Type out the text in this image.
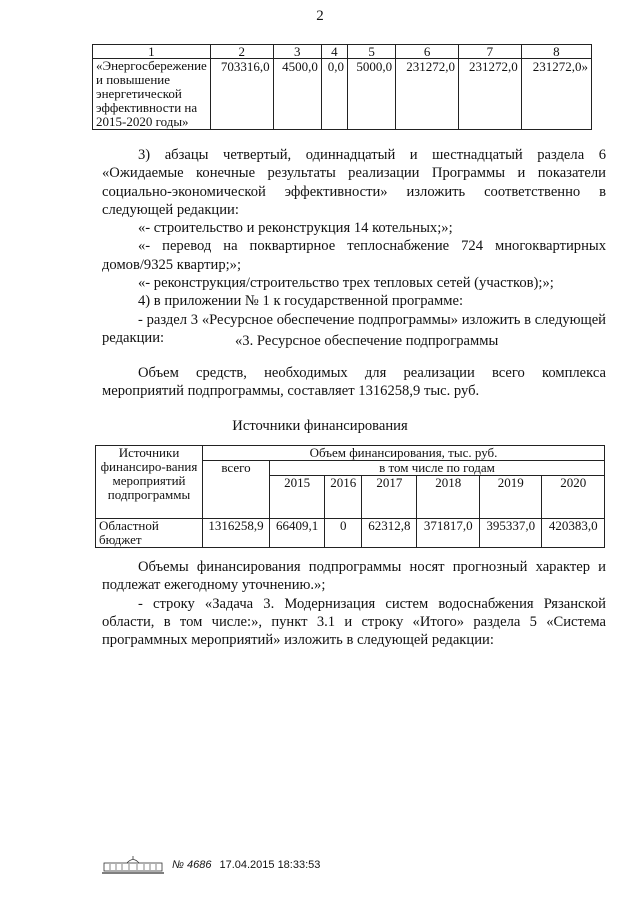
2
1	2	3	4	5	6	7	8
«Энергосбережение и повышение энергетической эффективности на 2015-2020 годы»	703316,0	4500,0	0,0	5000,0	231272,0	231272,0	231272,0»

3) абзацы четвертый, одиннадцатый и шестнадцатый раздела 6 «Ожидаемые конечные результаты реализации Программы и показатели социально-экономической эффективности» изложить соответственно в следующей редакции:

«- строительство и реконструкция 14 котельных;»;

«- перевод на поквартирное теплоснабжение 724 многоквартирных домов/9325 квартир;»;

«- реконструкция/строительство трех тепловых сетей (участков);»;

4) в приложении № 1 к государственной программе:

- раздел 3 «Ресурсное обеспечение подпрограммы» изложить в следующей редакции:	«3. Ресурсное обеспечение подпрограммы

Объем средств, необходимых для реализации всего комплекса мероприятий подпрограммы, составляет 1316258,9 тыс. руб.

Источники финансирования
Источники финансиро-вания мероприятий подпрограммы	Объем финансирования, тыс. руб.						
	всего	в том числе по годам					
		2015	2016	2017	2018	2019	2020
Областной бюджет	1316258,9	66409,1	0	62312,8	371817,0	395337,0	420383,0

Объемы финансирования подпрограммы носят прогнозный характер и подлежат ежегодному уточнению.»;

- строку «Задача 3. Модернизация систем водоснабжения Рязанской области, в том числе:», пункт 3.1 и строку «Итого» раздела 5 «Система программных мероприятий» изложить в следующей редакции:

№ 4686 17.04.2015 18:33:53
